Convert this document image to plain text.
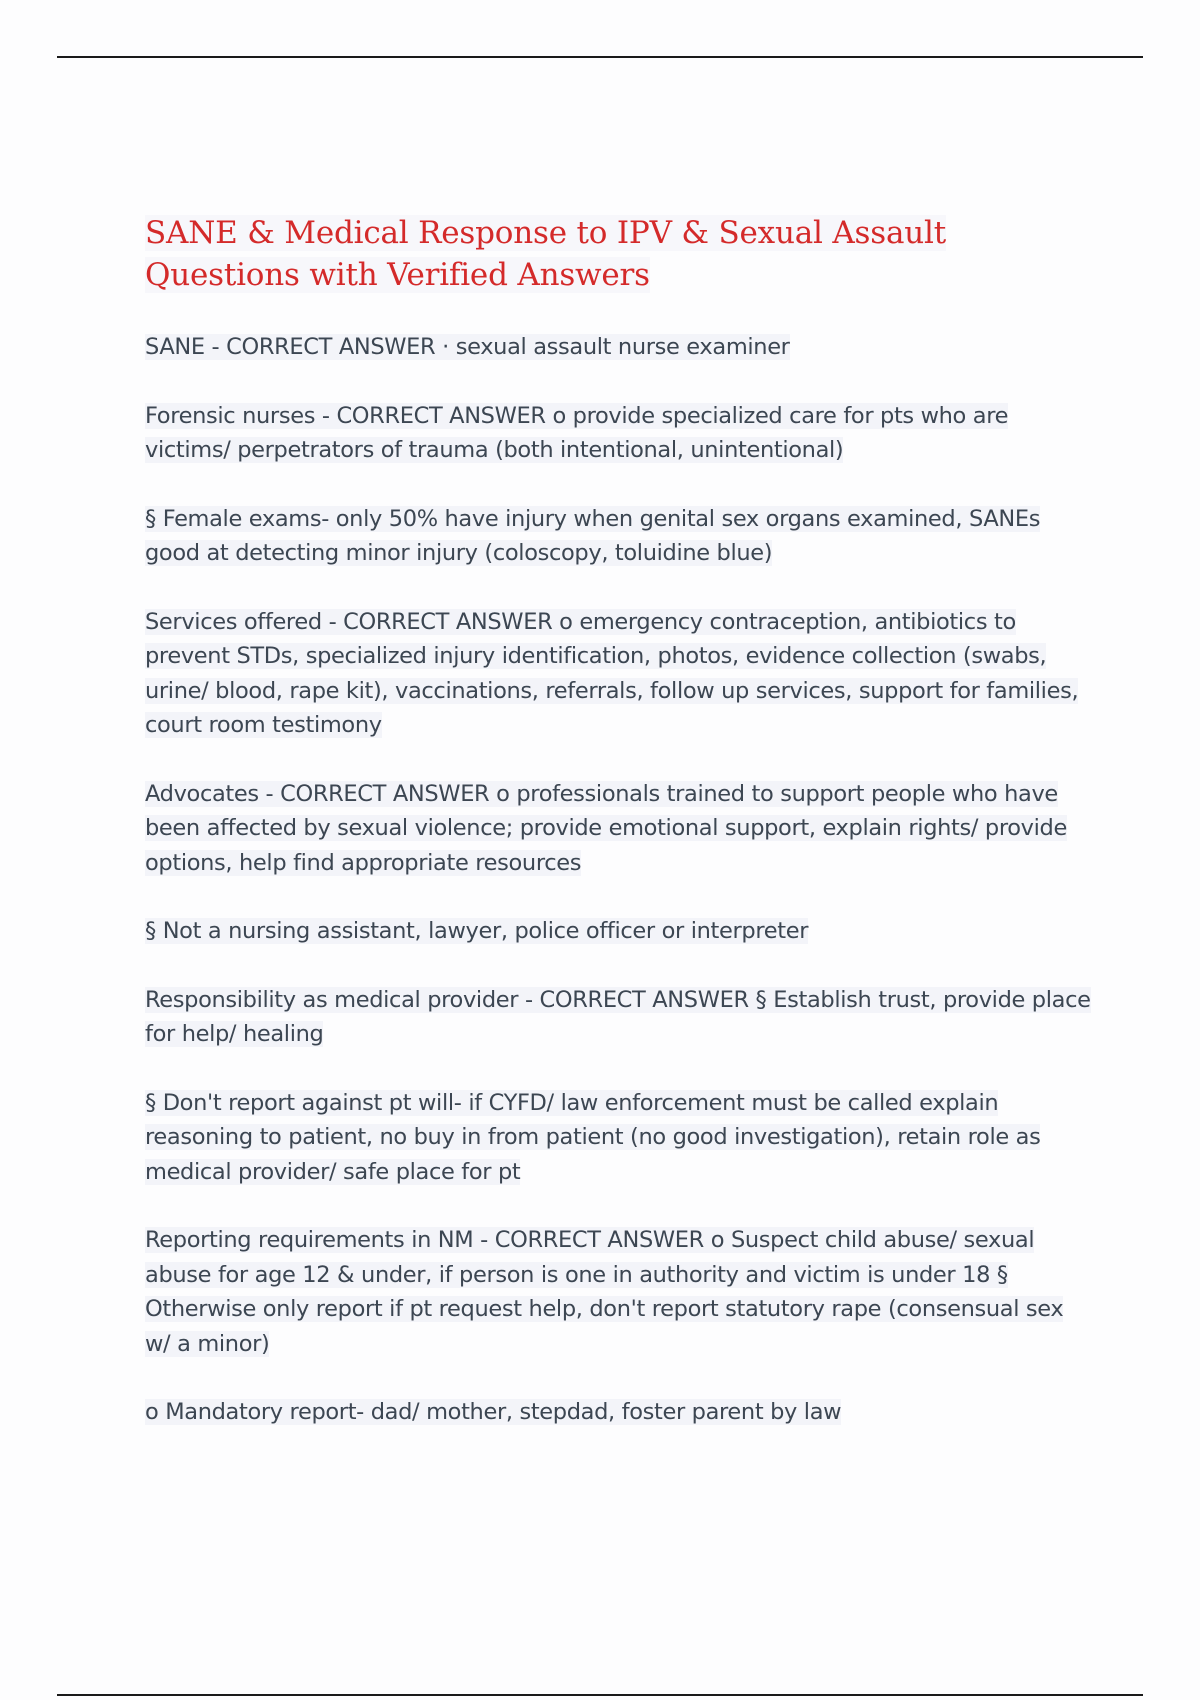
SANE & Medical Response to IPV & Sexual Assault Questions with Verified Answers

SANE - CORRECT ANSWER · sexual assault nurse examiner

Forensic nurses - CORRECT ANSWER o provide specialized care for pts who are victims/ perpetrators of trauma (both intentional, unintentional)

§ Female exams- only 50% have injury when genital sex organs examined, SANEs good at detecting minor injury (coloscopy, toluidine blue)

Services offered - CORRECT ANSWER o emergency contraception, antibiotics to prevent STDs, specialized injury identification, photos, evidence collection (swabs, urine/ blood, rape kit), vaccinations, referrals, follow up services, support for families, court room testimony

Advocates - CORRECT ANSWER o professionals trained to support people who have been affected by sexual violence; provide emotional support, explain rights/ provide options, help find appropriate resources

§ Not a nursing assistant, lawyer, police officer or interpreter

Responsibility as medical provider - CORRECT ANSWER § Establish trust, provide place for help/ healing

§ Don't report against pt will- if CYFD/ law enforcement must be called explain reasoning to patient, no buy in from patient (no good investigation), retain role as medical provider/ safe place for pt

Reporting requirements in NM - CORRECT ANSWER o Suspect child abuse/ sexual abuse for age 12 & under, if person is one in authority and victim is under 18 § Otherwise only report if pt request help, don't report statutory rape (consensual sex w/ a minor)

o Mandatory report- dad/ mother, stepdad, foster parent by law
